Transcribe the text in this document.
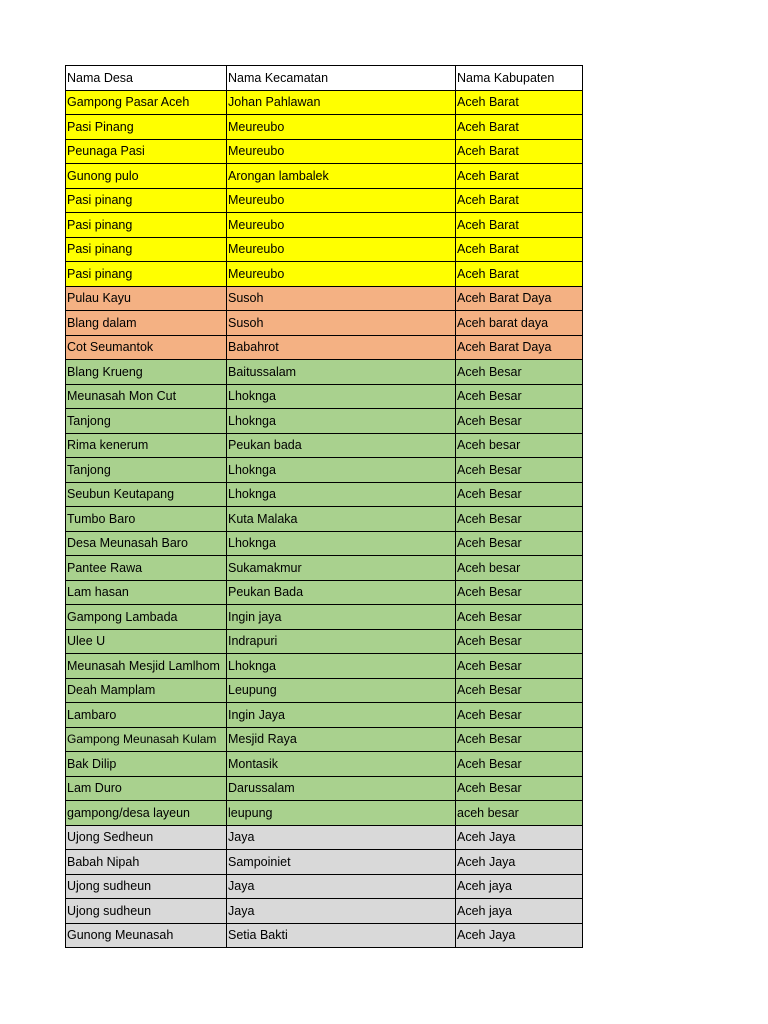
Nama Desa	Nama Kecamatan	Nama Kabupaten
Gampong Pasar Aceh	Johan Pahlawan	Aceh Barat
Pasi Pinang	Meureubo	Aceh Barat
Peunaga Pasi	Meureubo	Aceh Barat
Gunong pulo	Arongan lambalek	Aceh Barat
Pasi pinang	Meureubo	Aceh Barat
Pasi pinang	Meureubo	Aceh Barat
Pasi pinang	Meureubo	Aceh Barat
Pasi pinang	Meureubo	Aceh Barat
Pulau Kayu	Susoh	Aceh Barat Daya
Blang dalam	Susoh	Aceh barat daya
Cot Seumantok	Babahrot	Aceh Barat Daya
Blang Krueng	Baitussalam	Aceh Besar
Meunasah Mon Cut	Lhoknga	Aceh Besar
Tanjong	Lhoknga	Aceh Besar
Rima kenerum	Peukan bada	Aceh besar
Tanjong	Lhoknga	Aceh Besar
Seubun Keutapang	Lhoknga	Aceh Besar
Tumbo Baro	Kuta Malaka	Aceh Besar
Desa Meunasah Baro	Lhoknga	Aceh Besar
Pantee Rawa	Sukamakmur	Aceh besar
Lam hasan	Peukan Bada	Aceh Besar
Gampong Lambada	Ingin jaya	Aceh Besar
Ulee U	Indrapuri	Aceh Besar
Meunasah Mesjid Lamlhom	Lhoknga	Aceh Besar
Deah Mamplam	Leupung	Aceh Besar
Lambaro	Ingin Jaya	Aceh Besar
Gampong Meunasah Kulam	Mesjid Raya	Aceh Besar
Bak Dilip	Montasik	Aceh Besar
Lam Duro	Darussalam	Aceh Besar
gampong/desa layeun	leupung	aceh besar
Ujong Sedheun	Jaya	Aceh Jaya
Babah Nipah	Sampoiniet	Aceh Jaya
Ujong sudheun	Jaya	Aceh jaya
Ujong sudheun	Jaya	Aceh jaya
Gunong Meunasah	Setia Bakti	Aceh Jaya
